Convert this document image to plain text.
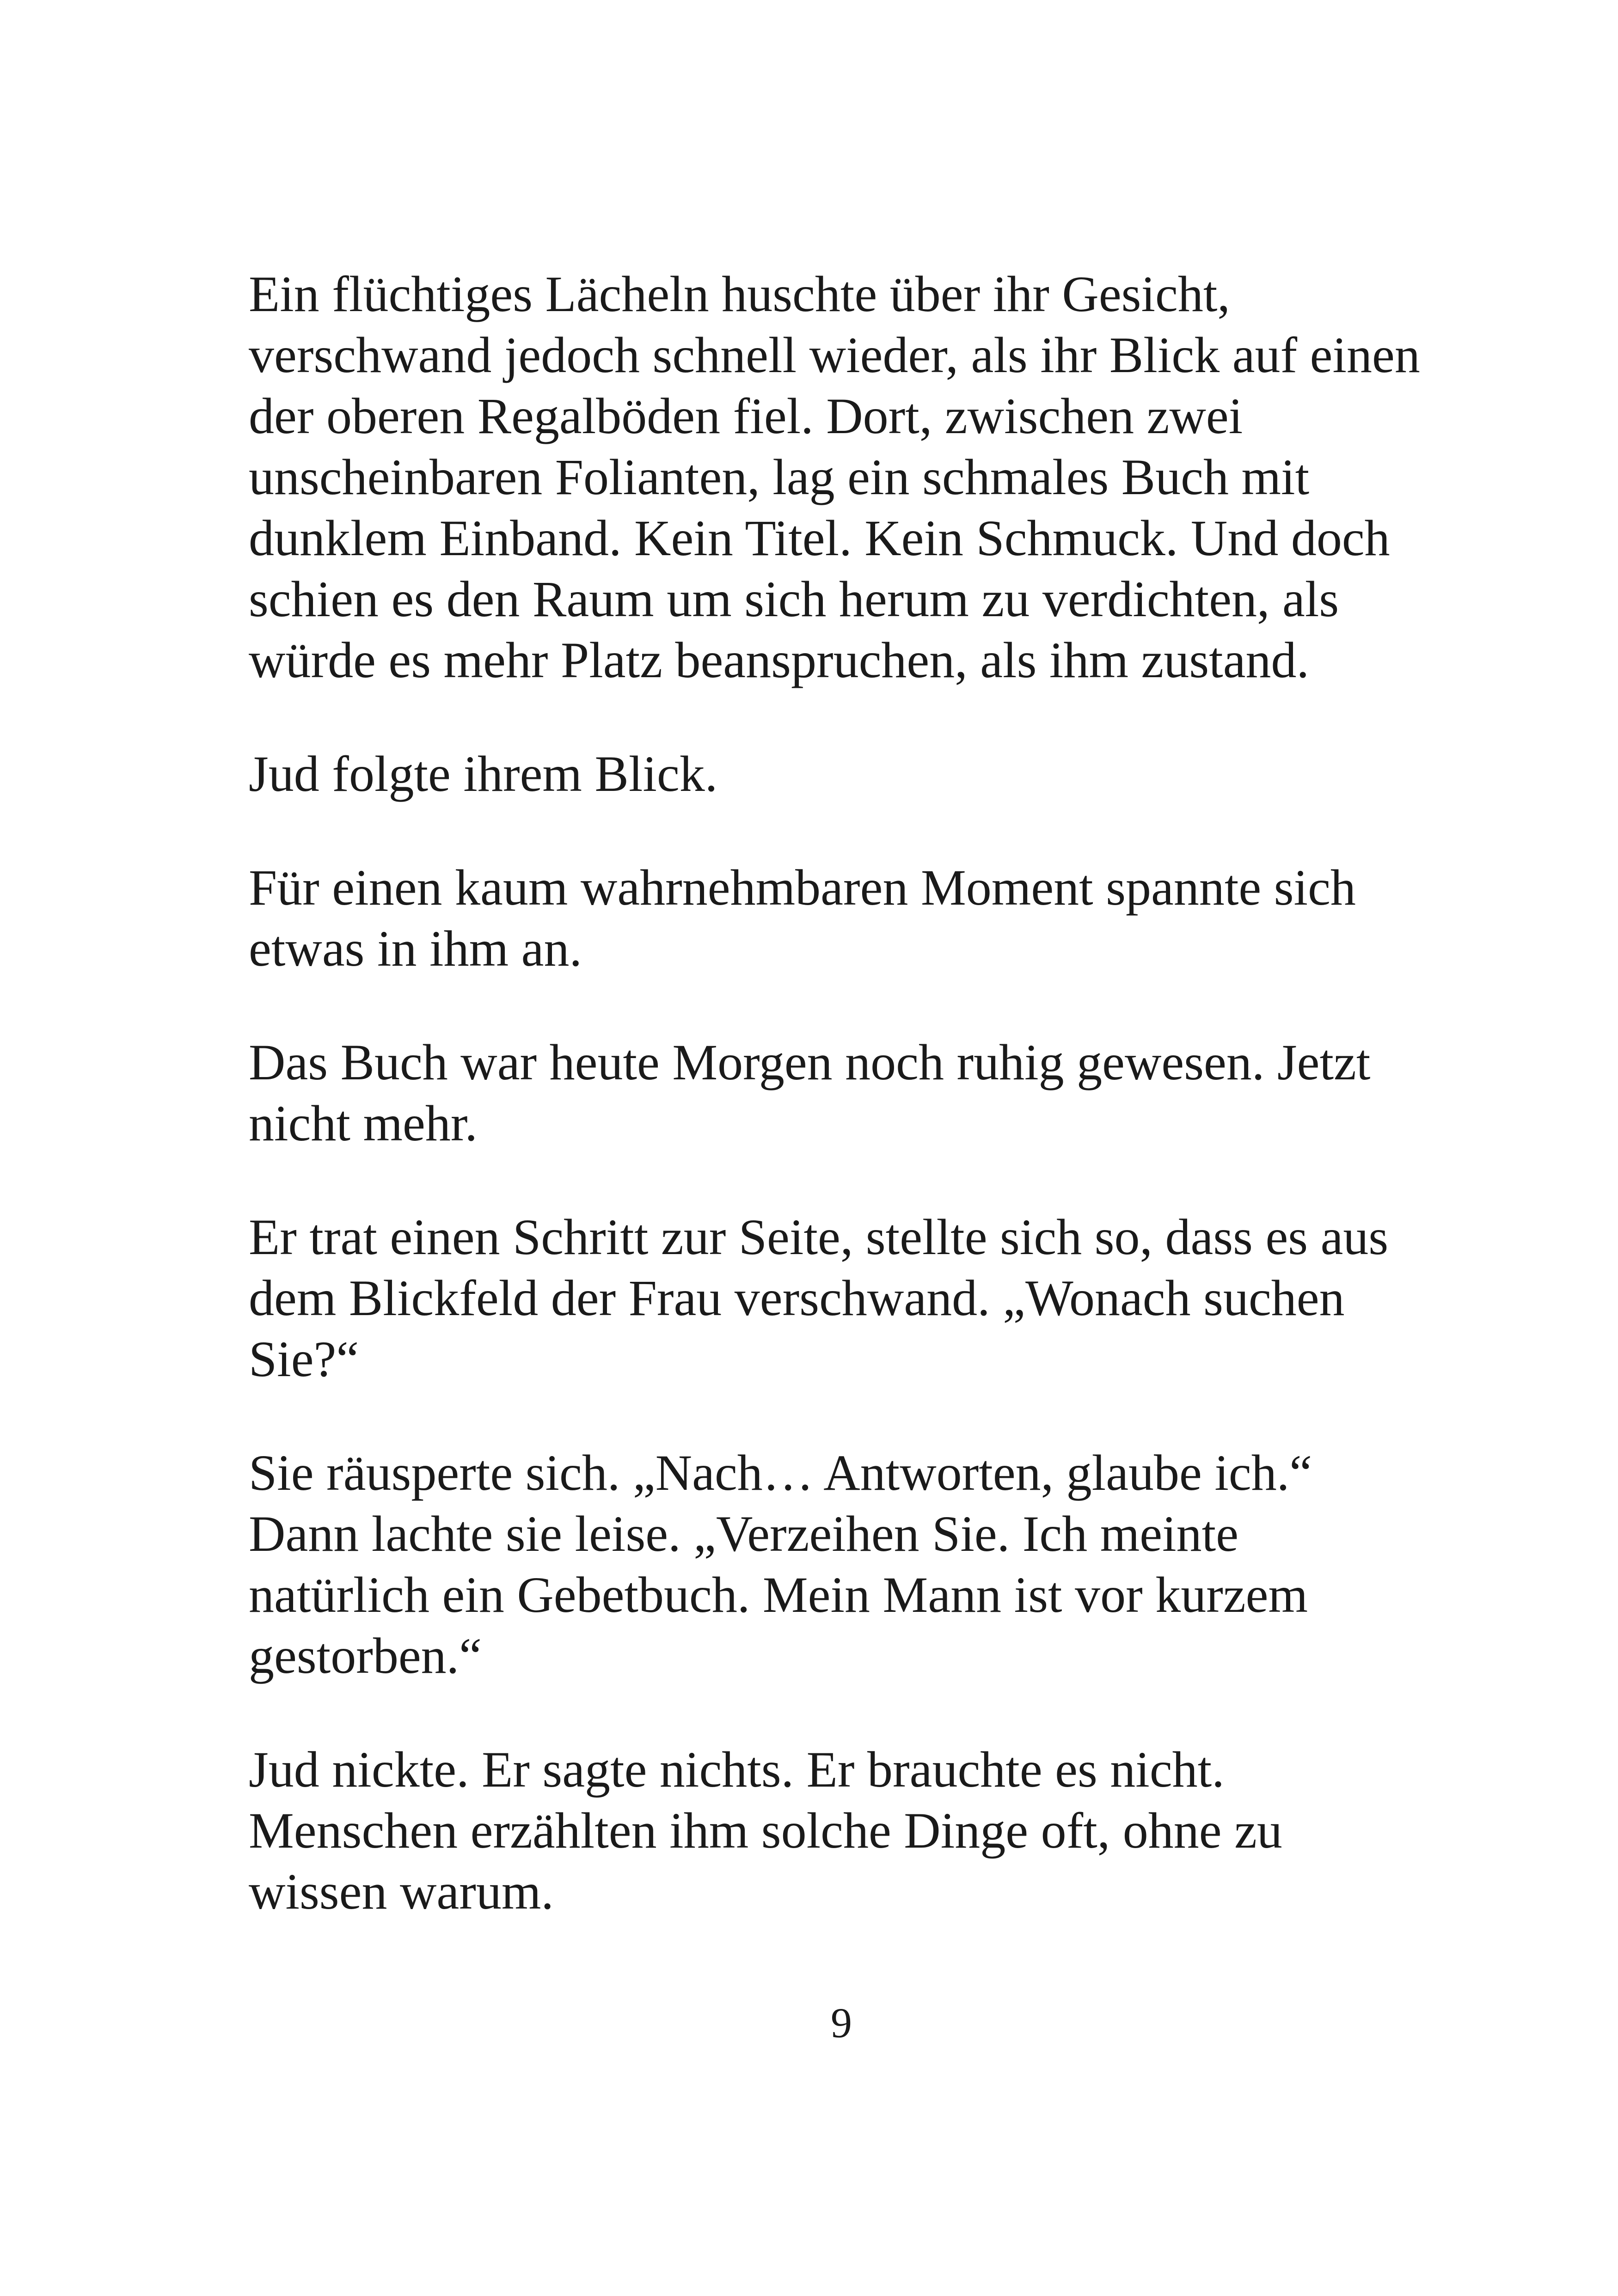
Ein flüchtiges Lächeln huschte über ihr Gesicht,
verschwand jedoch schnell wieder, als ihr Blick auf einen
der oberen Regalböden fiel. Dort, zwischen zwei
unscheinbaren Folianten, lag ein schmales Buch mit
dunklem Einband. Kein Titel. Kein Schmuck. Und doch
schien es den Raum um sich herum zu verdichten, als
würde es mehr Platz beanspruchen, als ihm zustand.

Jud folgte ihrem Blick.

Für einen kaum wahrnehmbaren Moment spannte sich
etwas in ihm an.

Das Buch war heute Morgen noch ruhig gewesen. Jetzt
nicht mehr.

Er trat einen Schritt zur Seite, stellte sich so, dass es aus
dem Blickfeld der Frau verschwand. „Wonach suchen
Sie?“

Sie räusperte sich. „Nach… Antworten, glaube ich.“
Dann lachte sie leise. „Verzeihen Sie. Ich meinte
natürlich ein Gebetbuch. Mein Mann ist vor kurzem
gestorben.“

Jud nickte. Er sagte nichts. Er brauchte es nicht.
Menschen erzählten ihm solche Dinge oft, ohne zu
wissen warum.

9
